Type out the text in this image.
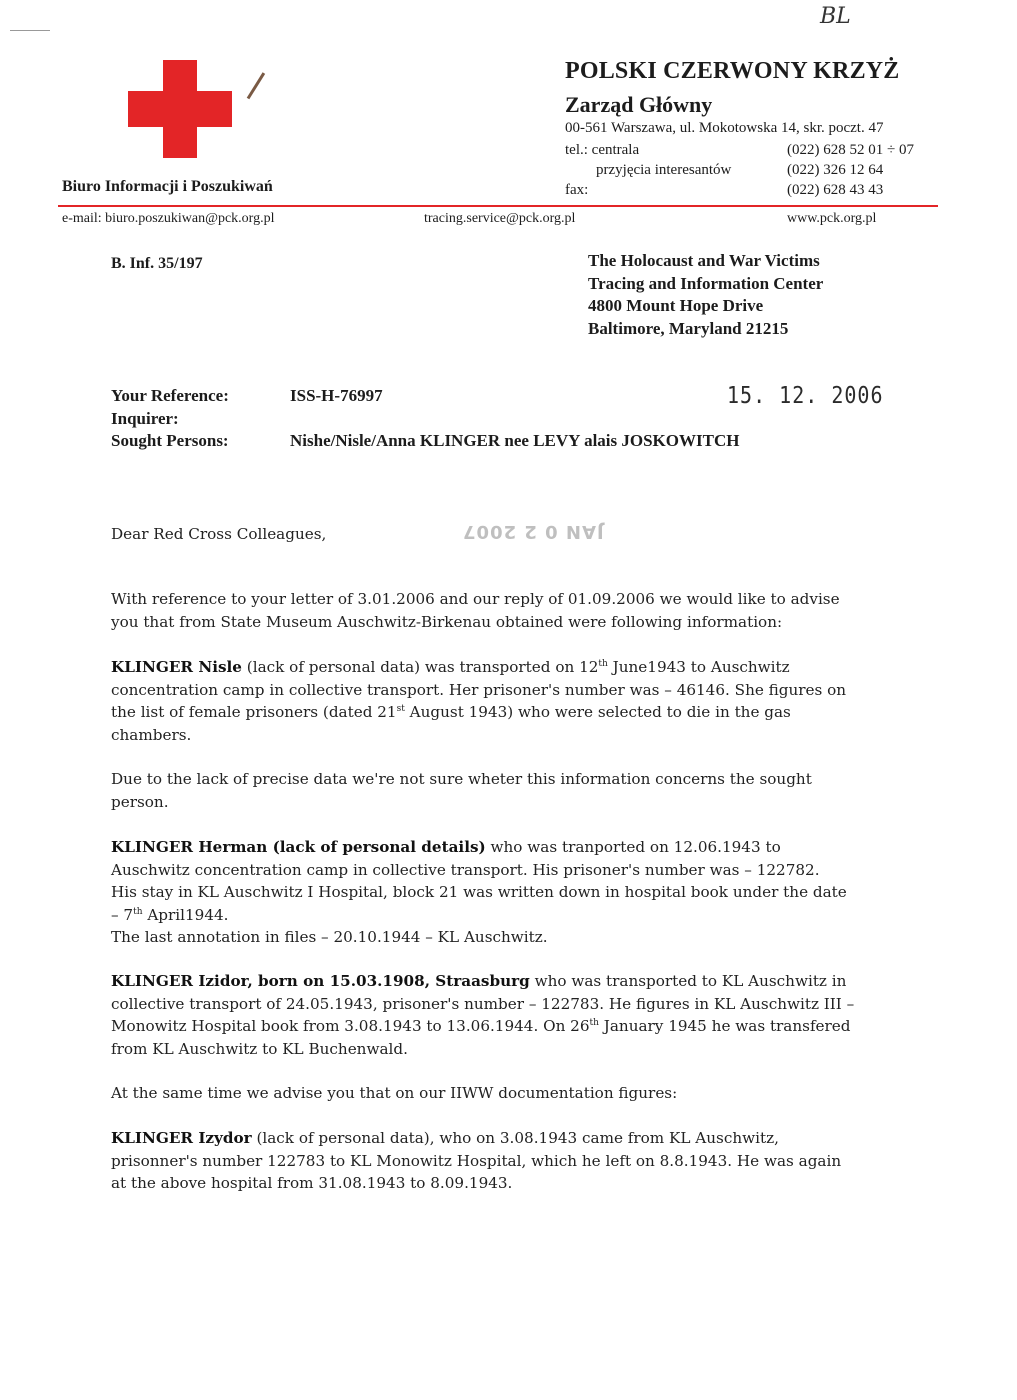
BL
Biuro Informacji i Poszukiwań
POLSKI CZERWONY KRZYŻ
Zarząd Główny
00-561 Warszawa, ul. Mokotowska 14, skr. poczt. 47
tel.: centrala	(022) 628 52 01 ÷ 07
przyjęcia interesantów	(022) 326 12 64
fax:	(022) 628 43 43
e-mail: biuro.poszukiwan@pck.org.pl	tracing.service@pck.org.pl	www.pck.org.pl
B. Inf. 35/197	The Holocaust and War Victims
Tracing and Information Center
4800 Mount Hope Drive
Baltimore, Maryland 21215
15. 12. 2006
Your Reference:	ISS-H-76997
Inquirer:
Sought Persons:	Nishe/Nisle/Anna KLINGER nee LEVY alais JOSKOWITCH
Dear Red Cross Colleagues,	JAN 0 2 2007
With reference to your letter of 3.01.2006 and our reply of 01.09.2006 we would like to advise
you that from State Museum Auschwitz-Birkenau obtained were following information:
KLINGER Nisle (lack of personal data) was transported on 12th June1943 to Auschwitz
concentration camp in collective transport. Her prisoner's number was – 46146. She figures on
the list of female prisoners (dated 21st August 1943) who were selected to die in the gas
chambers.
Due to the lack of precise data we're not sure wheter this information concerns the sought
person.
KLINGER Herman (lack of personal details) who was tranported on 12.06.1943 to
Auschwitz concentration camp in collective transport. His prisoner's number was – 122782.
His stay in KL Auschwitz I Hospital, block 21 was written down in hospital book under the date
– 7th April1944.
The last annotation in files – 20.10.1944 – KL Auschwitz.
KLINGER Izidor, born on 15.03.1908, Straasburg who was transported to KL Auschwitz in
collective transport of 24.05.1943, prisoner's number – 122783. He figures in KL Auschwitz III –
Monowitz Hospital book from 3.08.1943 to 13.06.1944. On 26th January 1945 he was transfered
from KL Auschwitz to KL Buchenwald.
At the same time we advise you that on our IIWW documentation figures:
KLINGER Izydor (lack of personal data), who on 3.08.1943 came from KL Auschwitz,
prisonner's number 122783 to KL Monowitz Hospital, which he left on 8.8.1943. He was again
at the above hospital from 31.08.1943 to 8.09.1943.
